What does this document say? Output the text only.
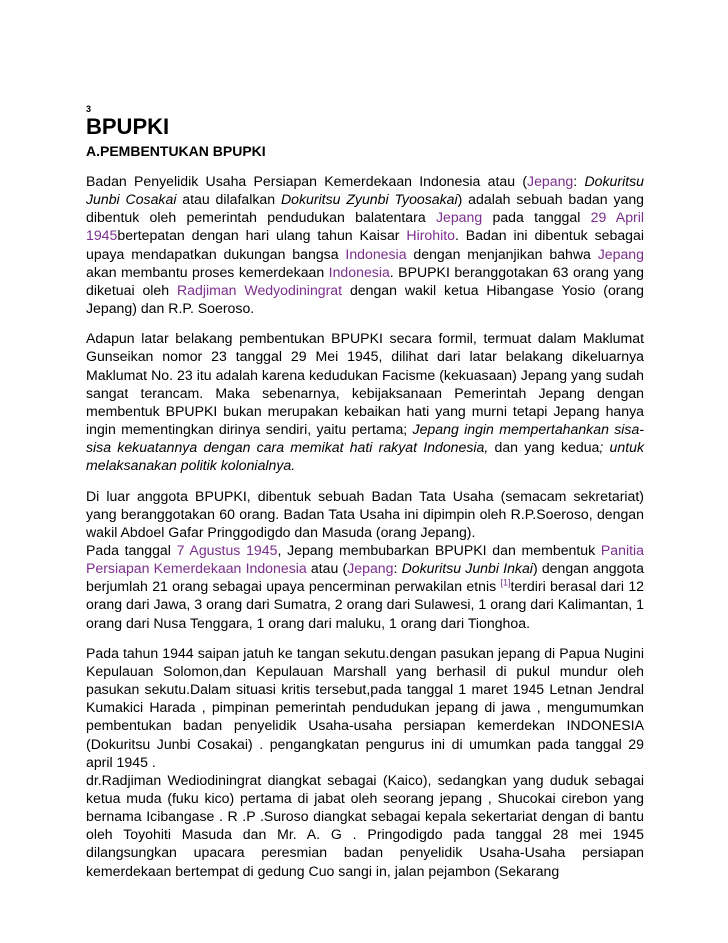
3
BPUPKI
A.PEMBENTUKAN BPUPKI

Badan Penyelidik Usaha Persiapan Kemerdekaan Indonesia atau (Jepang: Dokuritsu Junbi Cosakai atau dilafalkan Dokuritsu Zyunbi Tyoosakai) adalah sebuah badan yang dibentuk oleh pemerintah pendudukan balatentara Jepang pada tanggal 29 April 1945bertepatan dengan hari ulang tahun Kaisar Hirohito. Badan ini dibentuk sebagai upaya mendapatkan dukungan bangsa Indonesia dengan menjanjikan bahwa Jepang akan membantu proses kemerdekaan Indonesia. BPUPKI beranggotakan 63 orang yang diketuai oleh Radjiman Wedyodiningrat dengan wakil ketua Hibangase Yosio (orang Jepang) dan R.P. Soeroso.

Adapun latar belakang pembentukan BPUPKI secara formil, termuat dalam Maklumat Gunseikan nomor 23 tanggal 29 Mei 1945, dilihat dari latar belakang dikeluarnya Maklumat No. 23 itu adalah karena kedudukan Facisme (kekuasaan) Jepang yang sudah sangat terancam. Maka sebenarnya, kebijaksanaan Pemerintah Jepang dengan membentuk BPUPKI bukan merupakan kebaikan hati yang murni tetapi Jepang hanya ingin mementingkan dirinya sendiri, yaitu pertama; Jepang ingin mempertahankan sisa-sisa kekuatannya dengan cara memikat hati rakyat Indonesia, dan yang kedua; untuk melaksanakan politik kolonialnya.

Di luar anggota BPUPKI, dibentuk sebuah Badan Tata Usaha (semacam sekretariat) yang beranggotakan 60 orang. Badan Tata Usaha ini dipimpin oleh R.P.Soeroso, dengan wakil Abdoel Gafar Pringgodigdo dan Masuda (orang Jepang).

Pada tanggal 7 Agustus 1945, Jepang membubarkan BPUPKI dan membentuk Panitia Persiapan Kemerdekaan Indonesia atau (Jepang: Dokuritsu Junbi Inkai) dengan anggota berjumlah 21 orang sebagai upaya pencerminan perwakilan etnis [1]terdiri berasal dari 12 orang dari Jawa, 3 orang dari Sumatra, 2 orang dari Sulawesi, 1 orang dari Kalimantan, 1 orang dari Nusa Tenggara, 1 orang dari maluku, 1 orang dari Tionghoa.

Pada tahun 1944 saipan jatuh ke tangan sekutu.dengan pasukan jepang di Papua Nugini Kepulauan Solomon,dan Kepulauan Marshall yang berhasil di pukul mundur oleh pasukan sekutu.Dalam situasi kritis tersebut,pada tanggal 1 maret 1945 Letnan Jendral Kumakici Harada , pimpinan pemerintah pendudukan jepang di jawa , mengumumkan pembentukan badan penyelidik Usaha-usaha persiapan kemerdekan INDONESIA (Dokuritsu Junbi Cosakai) . pengangkatan pengurus ini di umumkan pada tanggal 29 april 1945 .

dr.Radjiman Wediodiningrat diangkat sebagai (Kaico), sedangkan yang duduk sebagai ketua muda (fuku kico) pertama di jabat oleh seorang jepang , Shucokai cirebon yang bernama Icibangase . R .P .Suroso diangkat sebagai kepala sekertariat dengan di bantu oleh Toyohiti Masuda dan Mr. A. G . Pringodigdo pada tanggal 28 mei 1945 dilangsungkan upacara peresmian badan penyelidik Usaha-Usaha persiapan kemerdekaan bertempat di gedung Cuo sangi in, jalan pejambon (Sekarang
